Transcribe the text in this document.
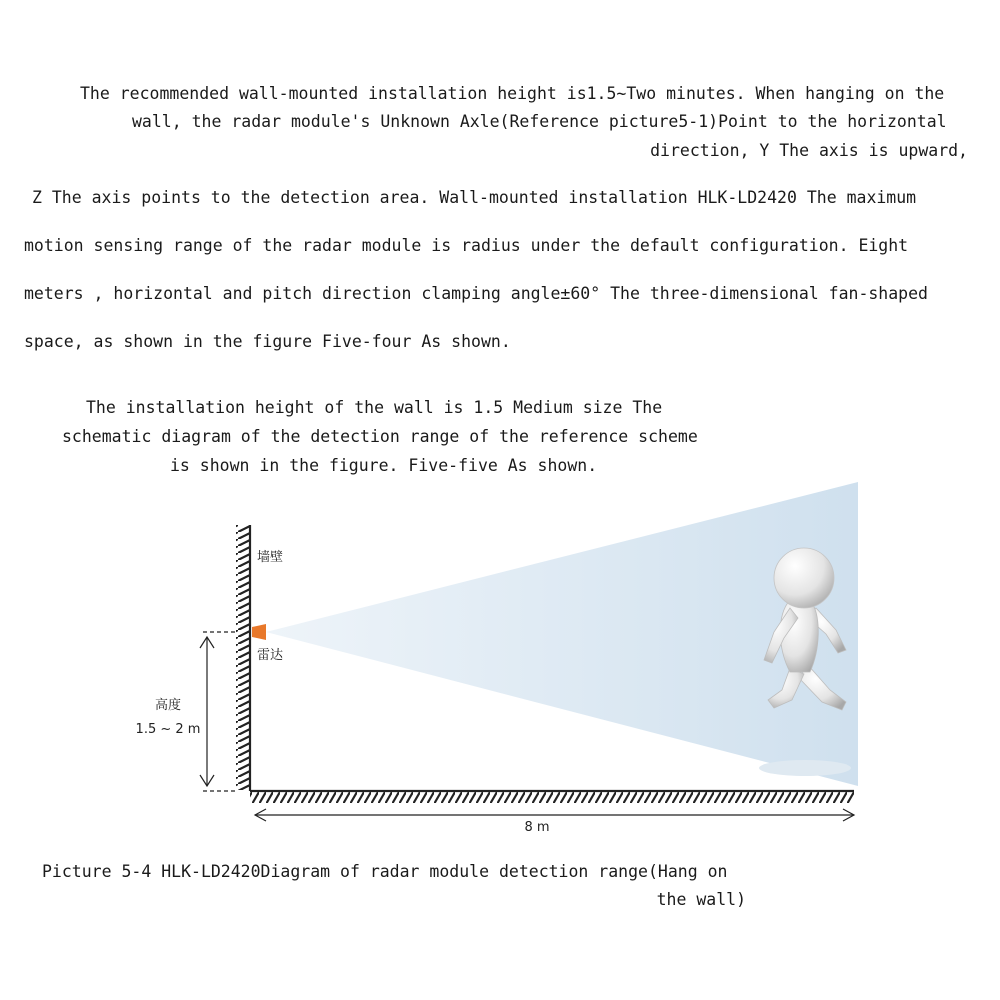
The recommended wall-mounted installation height is1.5~Two minutes. When hanging on the
wall, the radar module's Unknown Axle(Reference picture5-1)Point to the horizontal
direction, Y The axis is upward,
Z The axis points to the detection area. Wall-mounted installation HLK-LD2420 The maximum
motion sensing range of the radar module is radius under the default configuration. Eight
meters , horizontal and pitch direction clamping angle±60° The three-dimensional fan-shaped
space, as shown in the figure Five-four As shown.
The installation height of the wall is 1.5 Medium size The
schematic diagram of the detection range of the reference scheme
is shown in the figure. Five-five As shown.
墙壁
雷达
高度
1.5 ~ 2 m
8 m
Picture 5-4 HLK-LD2420Diagram of radar module detection range(Hang on
the wall)
